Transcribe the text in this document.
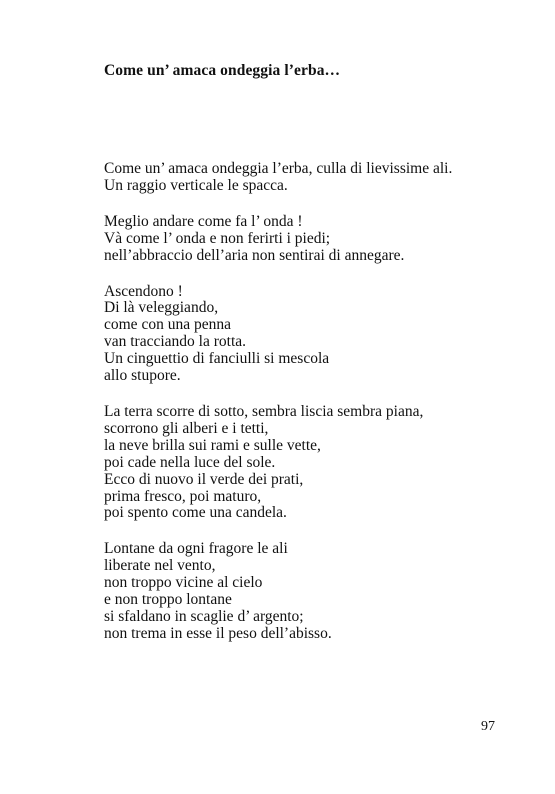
Come un’ amaca ondeggia l’erba…
Come un’ amaca ondeggia l’erba, culla di lievissime ali.
Un raggio verticale le spacca.
Meglio andare come fa l’ onda !
Và come l’ onda e non ferirti i piedi;
nell’abbraccio dell’aria non sentirai di annegare.
Ascendono !
Di là veleggiando,
come con una penna
van tracciando la rotta.
Un cinguettio di fanciulli si mescola
allo stupore.
La terra scorre di sotto, sembra liscia sembra piana,
scorrono gli alberi e i tetti,
la neve brilla sui rami e sulle vette,
poi cade nella luce del sole.
Ecco di nuovo il verde dei prati,
prima fresco, poi maturo,
poi spento come una candela.
Lontane da ogni fragore le ali
liberate nel vento,
non troppo vicine al cielo
e non troppo lontane
si sfaldano in scaglie d’ argento;
non trema in esse il peso dell’abisso.
97
